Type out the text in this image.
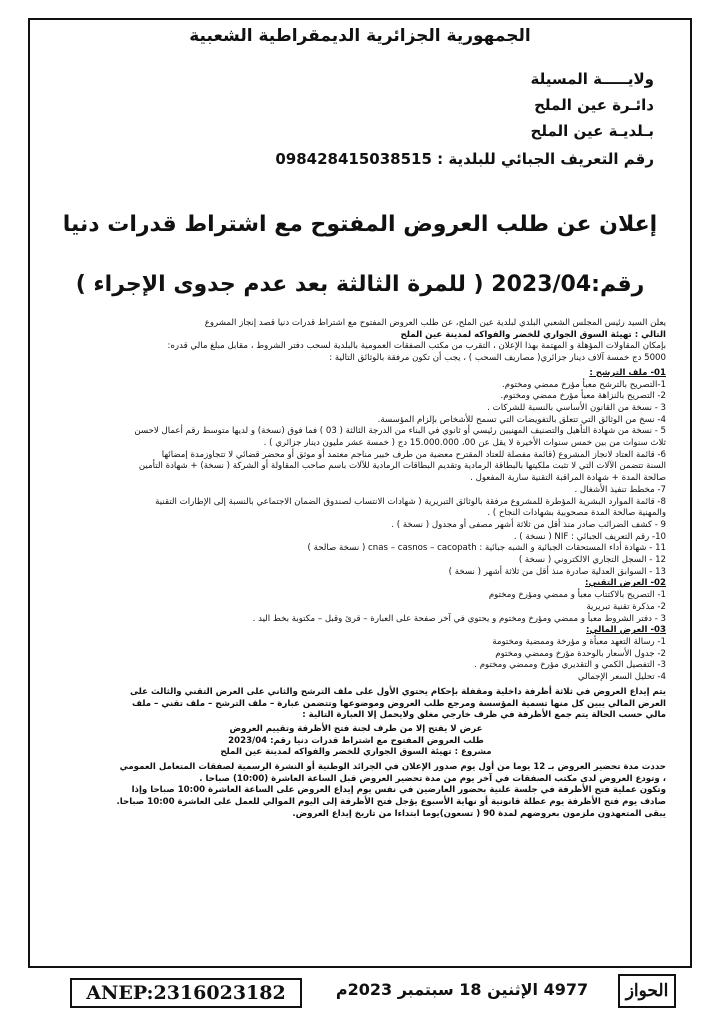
الجمهورية الجزائرية الديمقراطية الشعبية
ولايـــــة المسيلة
دائـرة عين الملح
بـلديـة عين الملح
رقم التعريف الجبائي للبلدية : 098428415038515
إعلان عن طلب العروض المفتوح مع اشتراط قدرات دنيا
رقم:2023/04 ( للمرة الثالثة بعد عدم جدوى الإجراء )

يعلن السيد رئيس المجلس الشعبي البلدي لبلدية عين الملح، عن طلب العروض المفتوح مع اشتراط قدرات دنيا قصد إنجاز المشروع

التالي : تهيئة السوق الجواري للخضر والفواكه لمدينة عين الملح

بإمكان المقاولات المؤهلة و المهتمة بهذا الإعلان ، التقرب من مكتب الصفقات العمومية بالبلدية لسحب دفتر الشروط ، مقابل مبلغ مالي قدره:

5000 دج خمسة آلاف دينار جزائري( مصاريف السحب ) ، يجب أن تكون مرفقة بالوثائق التالية :

01- ملف الترشح :

1-التصريح بالترشح معبأ مؤرخ ممضي ومختوم.

2- التصريح بالنزاهة معبأ مؤرخ ممضي ومختوم.

3 - نسخة من القانون الأساسي بالنسبة للشركات .

4- نسخ من الوثائق التي تتعلق بالتفويضات التي تسمح للأشخاص بإلزام المؤسسة.

5 - نسخة من شهادة التأهيل والتصنيف المهنيين رئيسي أو ثانوي في البناء من الدرجة الثالثة ( 03 ) فما فوق (نسخة) و لديها متوسط رقم أعمال لاحسن

ثلاث سنوات من بين خمس سنوات الأخيرة لا يقل عن 00، 15.000.000 دج ( خمسة عشر مليون دينار جزائري ) .

6- قائمة العتاد لانجاز المشروع (قائمة مفصلة للعتاد المقترح معضية من طرف خبير مناجم معتمد أو موثق أو محضر قضائي لا تتجاوزمدة إمضائها

السنة تتضمن الآلات التي لا تثبت ملكيتها بالبطاقة الرمادية وتقديم البطاقات الرمادية للآلات باسم صاحب المقاولة أو الشركة ( نسخة) + شهادة التأمين

صالحة المدة + شهادة المراقبة التقنية سارية المفعول .

7- مخطط تنفيذ الأشغال .

8- قائمة الموارد البشرية المؤطرة للمشروع مرفقة بالوثائق التبريرية ( شهادات الانتساب لصندوق الضمان الاجتماعي بالنسبة إلى الإطارات التقنية

والمهنية صالحة المدة مصحوبية بشهادات النجاح ) .

9 - كشف الضرائب صادر منذ أقل من ثلاثة أشهر مصفى أو مجدول ( نسخة ) .

10- رقم التعريف الجبائي : NIF ( نسخة ) .

11 - شهادة أداء المستحقات الجبائية و الشبه جبائية : cnas – casnos – cacopath ( نسخة صالحة )

12 - السجل التجاري الالكتروني ( نسخة )

13 - السوابق العدلية صادرة منذ أقل من ثلاثة أشهر ( نسخة )

02- العرض التقني:

1- التصريح بالاكتتاب معبأ و ممضي ومؤرخ ومختوم

2- مذكرة تقنية تبريرية

3 - دفتر الشروط معبأ و ممضي ومؤرخ ومختوم و يحتوي في آخر صفحة على العبارة – قرئ وقبل – مكتوبة بخط اليد .

03- العرض المالي:

1- رسالة التعهد معبأة و مؤرخة وممضية ومختومة

2- جدول الأسعار بالوحدة مؤرخ وممضي ومختوم

3- التفصيل الكمي و التقديري مؤرخ وممضي ومختوم .

4- تحليل السعر الإجمالي

يتم إيداع العروض في ثلاثة أظرفة داخلية ومقفلة بإحكام يحتوي الأول على ملف الترشح والثاني على العرض التقني والثالث على

العرض المالي يبين كل منها تسمية المؤسسة ومرجع طلب العروض وموضوعها وتتضمن عبارة – ملف الترشح – ملف تقني – ملف

مالي حسب الحالة يتم جمع الأظرفة في ظرف خارجي مغلق ولايحمل إلا العبارة التالية :

عرض لا يفتح إلا من طرف لجنة فتح الأظرفة وتقييم العروض

طلب العروض المفتوح مع اشتراط قدرات دنيا رقم: 2023/04

مشروع : تهيئة السوق الجواري للخضر والفواكه لمدينة عين الملح

حددت مدة تحضير العروض بـ 12 يوما من أول يوم صدور الإعلان في الجرائد الوطنية أو النشرة الرسمية لصفقات المتعامل العمومي

، وتودع العروض لدى مكتب الصفقات في آخر يوم من مدة تحضير العروض قبل الساعة العاشرة (10:00) صباحا .

وتكون عملية فتح الأظرفة في جلسة علنية بحضور العارضين في نفس يوم إيداع العروض على الساعة العاشرة 10:00 صباحا وإذا

صادف يوم فتح الأظرفة يوم عطلة قانونية أو نهاية الأسبوع يؤجل فتح الأظرفة إلى اليوم الموالي للعمل على العاشرة 10:00 صباحا.

يبقى المتعهدون ملزمون بعروضهم لمدة 90 ( تسعون)يوما ابتداءا من تاريخ إيداع العروض.

ANEP:2316023182	4977 الإثنين 18 سبتمبر 2023م	الحواز
